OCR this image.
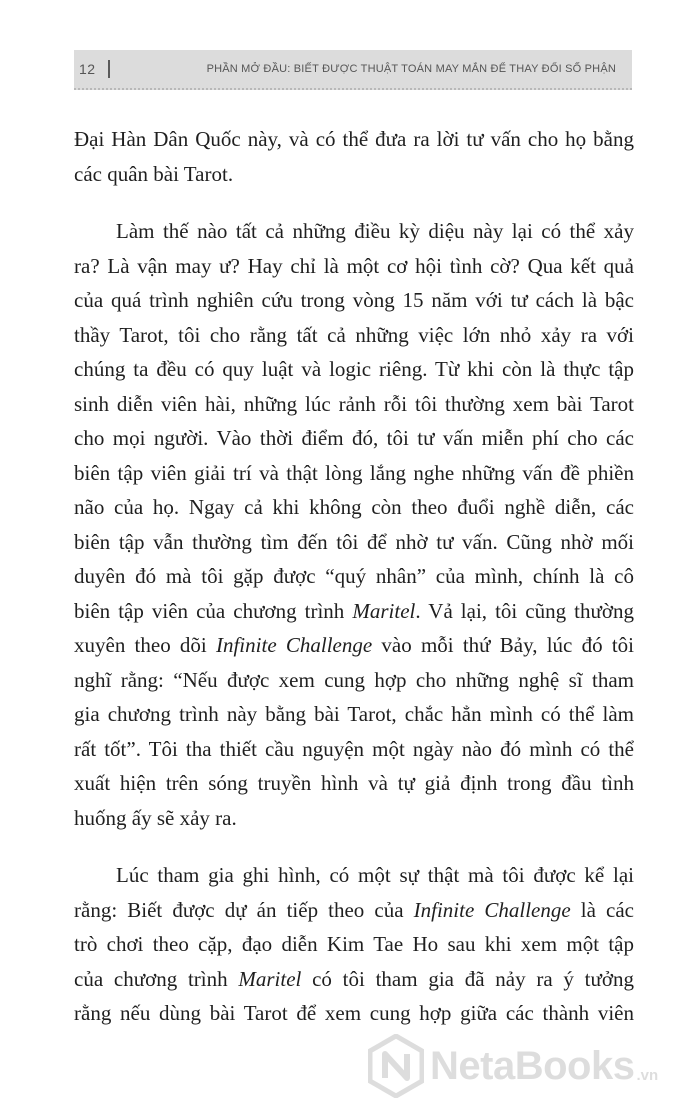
12	PHẦN MỞ ĐẦU: BIẾT ĐƯỢC THUẬT TOÁN MAY MẮN ĐỂ THAY ĐỔI SỐ PHẬN

Đại Hàn Dân Quốc này, và có thể đưa ra lời tư vấn cho họ bằng
các quân bài Tarot.

Làm thế nào tất cả những điều kỳ diệu này lại có thể xảy
ra? Là vận may ư? Hay chỉ là một cơ hội tình cờ? Qua kết quả
của quá trình nghiên cứu trong vòng 15 năm với tư cách là bậc
thầy Tarot, tôi cho rằng tất cả những việc lớn nhỏ xảy ra với
chúng ta đều có quy luật và logic riêng. Từ khi còn là thực tập
sinh diễn viên hài, những lúc rảnh rỗi tôi thường xem bài Tarot
cho mọi người. Vào thời điểm đó, tôi tư vấn miễn phí cho các
biên tập viên giải trí và thật lòng lắng nghe những vấn đề phiền
não của họ. Ngay cả khi không còn theo đuổi nghề diễn, các
biên tập vẫn thường tìm đến tôi để nhờ tư vấn. Cũng nhờ mối
duyên đó mà tôi gặp được “quý nhân” của mình, chính là cô
biên tập viên của chương trình Maritel. Vả lại, tôi cũng thường
xuyên theo dõi Infinite Challenge vào mỗi thứ Bảy, lúc đó tôi
nghĩ rằng: “Nếu được xem cung hợp cho những nghệ sĩ tham
gia chương trình này bằng bài Tarot, chắc hẳn mình có thể làm
rất tốt”. Tôi tha thiết cầu nguyện một ngày nào đó mình có thể
xuất hiện trên sóng truyền hình và tự giả định trong đầu tình
huống ấy sẽ xảy ra.

Lúc tham gia ghi hình, có một sự thật mà tôi được kể lại
rằng: Biết được dự án tiếp theo của Infinite Challenge là các
trò chơi theo cặp, đạo diễn Kim Tae Ho sau khi xem một tập
của chương trình Maritel có tôi tham gia đã nảy ra ý tưởng
rằng nếu dùng bài Tarot để xem cung hợp giữa các thành viên

NetaBooks .vn
